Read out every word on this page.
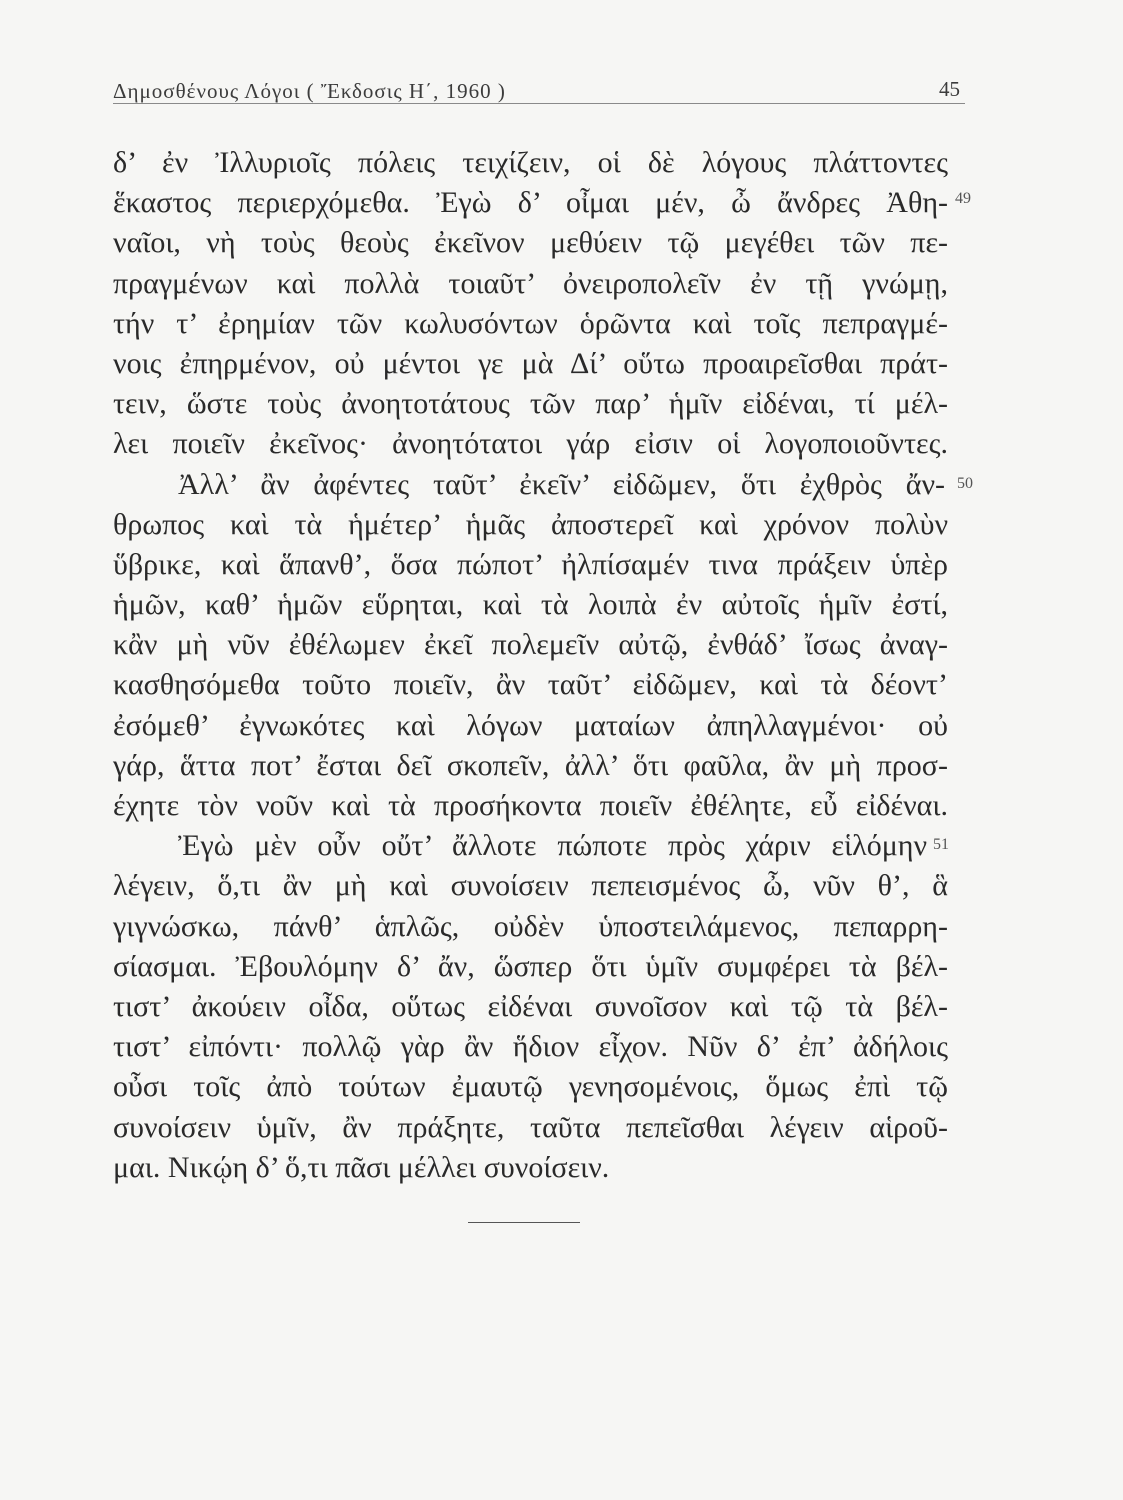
Δημοσθένους Λόγοι ( Ἔκδοσις Η΄, 1960 )	45
δ’ ἐν Ἰλλυριοῖς πόλεις τειχίζειν, οἱ δὲ λόγους πλάττοντες
ἕκαστος περιερχόμεθα. Ἐγὼ δ’ οἶμαι μέν, ὦ ἄνδρες Ἀθη-
ναῖοι, νὴ τοὺς θεοὺς ἐκεῖνον μεθύειν τῷ μεγέθει τῶν πε-
πραγμένων καὶ πολλὰ τοιαῦτ’ ὀνειροπολεῖν ἐν τῇ γνώμῃ,
τήν τ’ ἐρημίαν τῶν κωλυσόντων ὁρῶντα καὶ τοῖς πεπραγμέ-
νοις ἐπηρμένον, οὐ μέντοι γε μὰ Δί’ οὕτω προαιρεῖσθαι πράτ-
τειν, ὥστε τοὺς ἀνοητοτάτους τῶν παρ’ ἡμῖν εἰδέναι, τί μέλ-
λει ποιεῖν ἐκεῖνος· ἀνοητότατοι γάρ εἰσιν οἱ λογοποιοῦντες.
Ἀλλ’ ἂν ἀφέντες ταῦτ’ ἐκεῖν’ εἰδῶμεν, ὅτι ἐχθρὸς ἄν-
θρωπος καὶ τὰ ἡμέτερ’ ἡμᾶς ἀποστερεῖ καὶ χρόνον πολὺν
ὕβρικε, καὶ ἅπανθ’, ὅσα πώποτ’ ἠλπίσαμέν τινα πράξειν ὑπὲρ
ἡμῶν, καθ’ ἡμῶν εὕρηται, καὶ τὰ λοιπὰ ἐν αὐτοῖς ἡμῖν ἐστί,
κἂν μὴ νῦν ἐθέλωμεν ἐκεῖ πολεμεῖν αὐτῷ, ἐνθάδ’ ἴσως ἀναγ-
κασθησόμεθα τοῦτο ποιεῖν, ἂν ταῦτ’ εἰδῶμεν, καὶ τὰ δέοντ’
ἐσόμεθ’ ἐγνωκότες καὶ λόγων ματαίων ἀπηλλαγμένοι· οὐ
γάρ, ἅττα ποτ’ ἔσται δεῖ σκοπεῖν, ἀλλ’ ὅτι φαῦλα, ἂν μὴ προσ-
έχητε τὸν νοῦν καὶ τὰ προσήκοντα ποιεῖν ἐθέλητε, εὖ εἰδέναι.
Ἐγὼ μὲν οὖν οὔτ’ ἄλλοτε πώποτε πρὸς χάριν εἱλόμην
λέγειν, ὅ,τι ἂν μὴ καὶ συνοίσειν πεπεισμένος ὦ, νῦν θ’, ἃ
γιγνώσκω, πάνθ’ ἁπλῶς, οὐδὲν ὑποστειλάμενος, πεπαρρη-
σίασμαι. Ἐβουλόμην δ’ ἄν, ὥσπερ ὅτι ὑμῖν συμφέρει τὰ βέλ-
τιστ’ ἀκούειν οἶδα, οὕτως εἰδέναι συνοῖσον καὶ τῷ τὰ βέλ-
τιστ’ εἰπόντι· πολλῷ γὰρ ἂν ἥδιον εἶχον. Νῦν δ’ ἐπ’ ἀδήλοις
οὖσι τοῖς ἀπὸ τούτων ἐμαυτῷ γενησομένοις, ὅμως ἐπὶ τῷ
συνοίσειν ὑμῖν, ἂν πράξητε, ταῦτα πεπεῖσθαι λέγειν αἱροῦ-
μαι. Νικῴη δ’ ὅ,τι πᾶσι μέλλει συνοίσειν.
49
50
51
